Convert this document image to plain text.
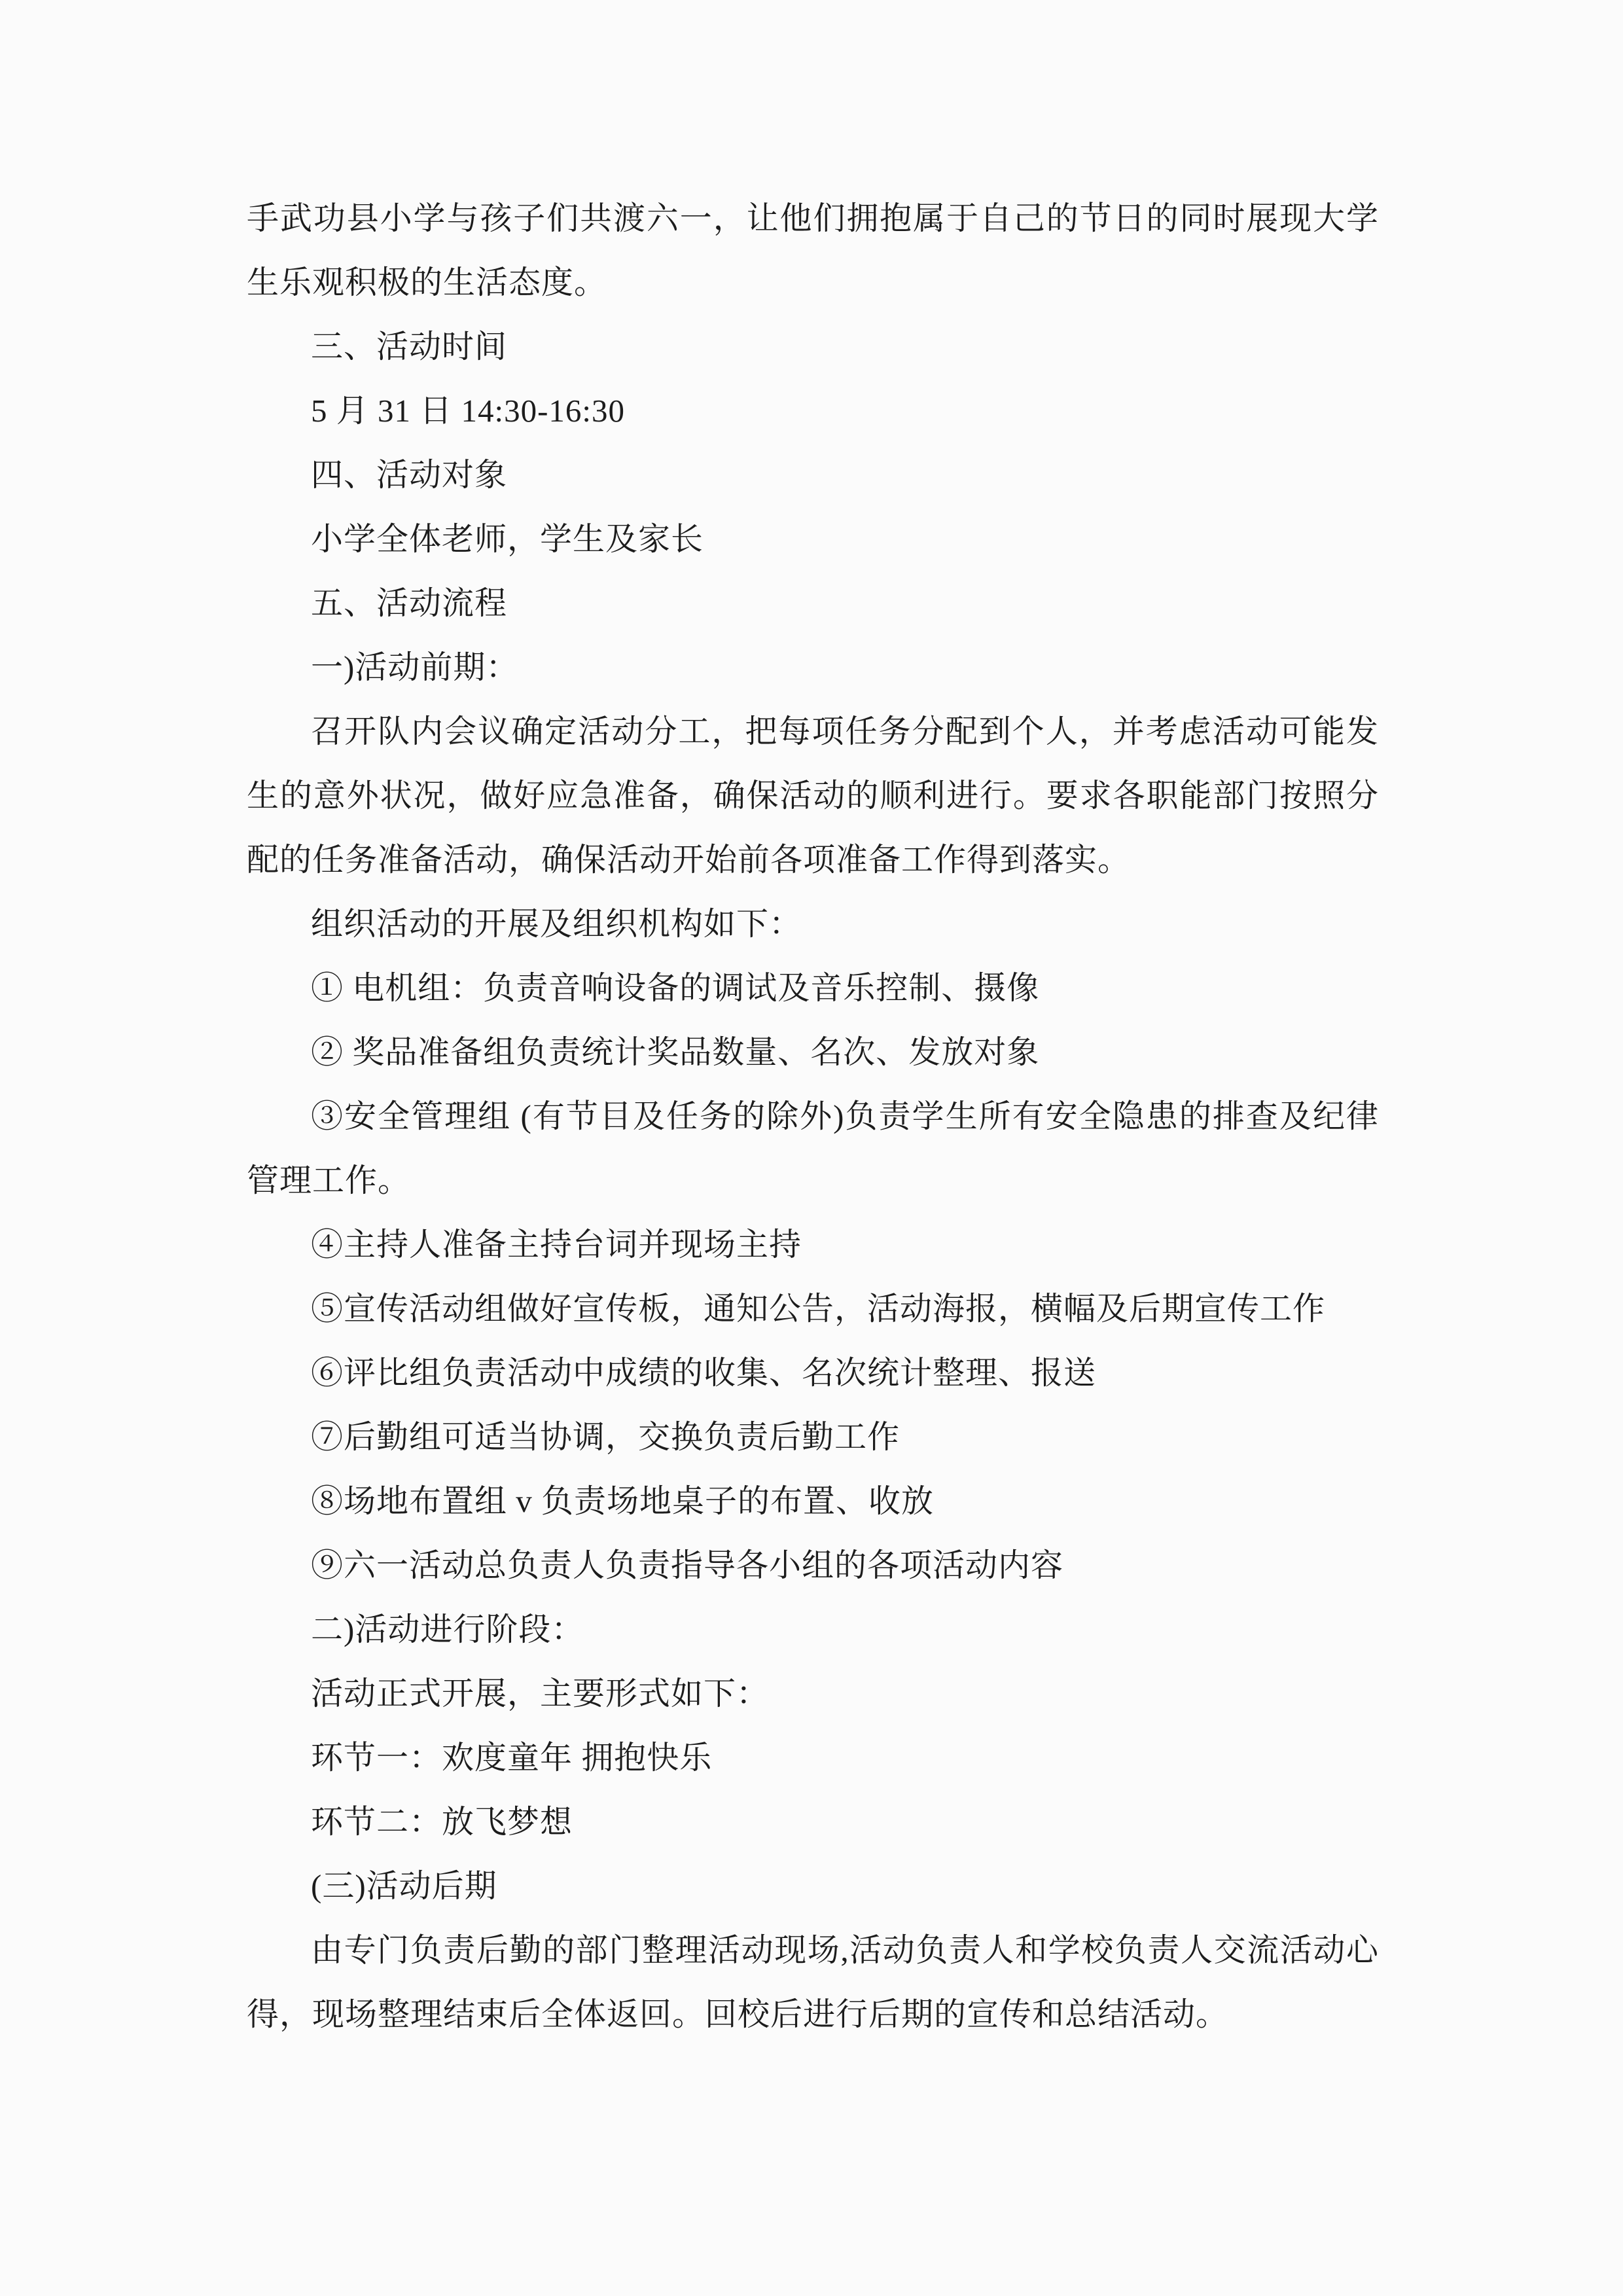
手武功县小学与孩子们共渡六一，让他们拥抱属于自己的节日的同时展现大学生乐观积极的生活态度。

三、活动时间

5 月 31 日 14:30-16:30

四、活动对象

小学全体老师，学生及家长

五、活动流程

一)活动前期：

召开队内会议确定活动分工，把每项任务分配到个人，并考虑活动可能发生的意外状况，做好应急准备，确保活动的顺利进行。要求各职能部门按照分配的任务准备活动，确保活动开始前各项准备工作得到落实。

组织活动的开展及组织机构如下：

① 电机组：负责音响设备的调试及音乐控制、摄像

② 奖品准备组负责统计奖品数量、名次、发放对象

③安全管理组 (有节目及任务的除外)负责学生所有安全隐患的排查及纪律管理工作。

④主持人准备主持台词并现场主持

⑤宣传活动组做好宣传板，通知公告，活动海报，横幅及后期宣传工作

⑥评比组负责活动中成绩的收集、名次统计整理、报送

⑦后勤组可适当协调，交换负责后勤工作

⑧场地布置组 v 负责场地桌子的布置、收放

⑨六一活动总负责人负责指导各小组的各项活动内容

二)活动进行阶段：

活动正式开展，主要形式如下：

环节一：欢度童年 拥抱快乐

环节二：放飞梦想

(三)活动后期

由专门负责后勤的部门整理活动现场,活动负责人和学校负责人交流活动心得，现场整理结束后全体返回。回校后进行后期的宣传和总结活动。
